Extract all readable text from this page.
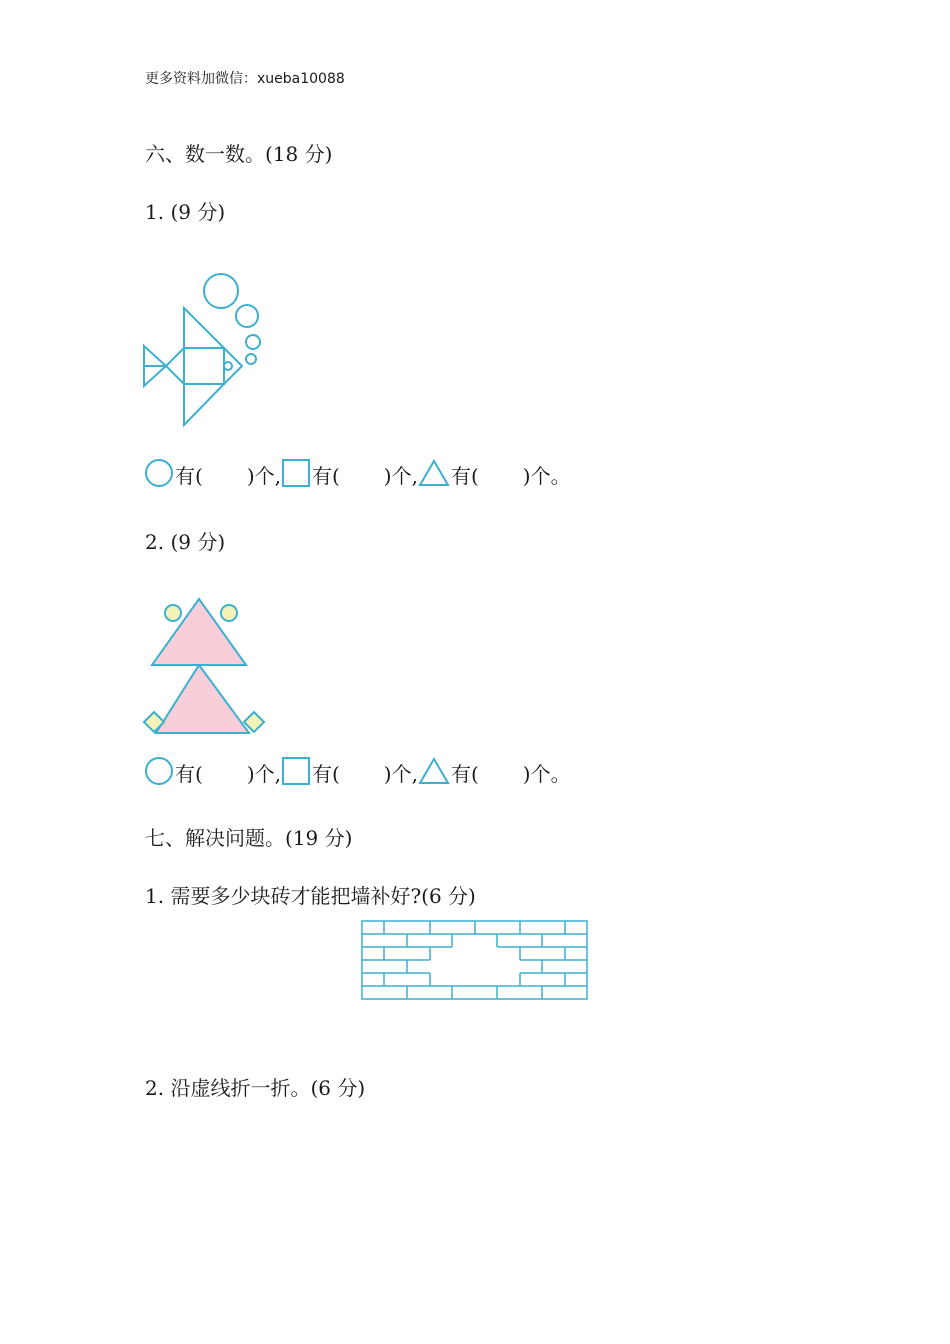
更多资料加微信：xueba10088
六、数一数。(18 分)
1. (9 分)
有( )个, 有( )个, 有( )个。
2. (9 分)
有( )个, 有( )个, 有( )个。
七、解决问题。(19 分)
1. 需要多少块砖才能把墙补好?(6 分)
2. 沿虚线折一折。(6 分)
